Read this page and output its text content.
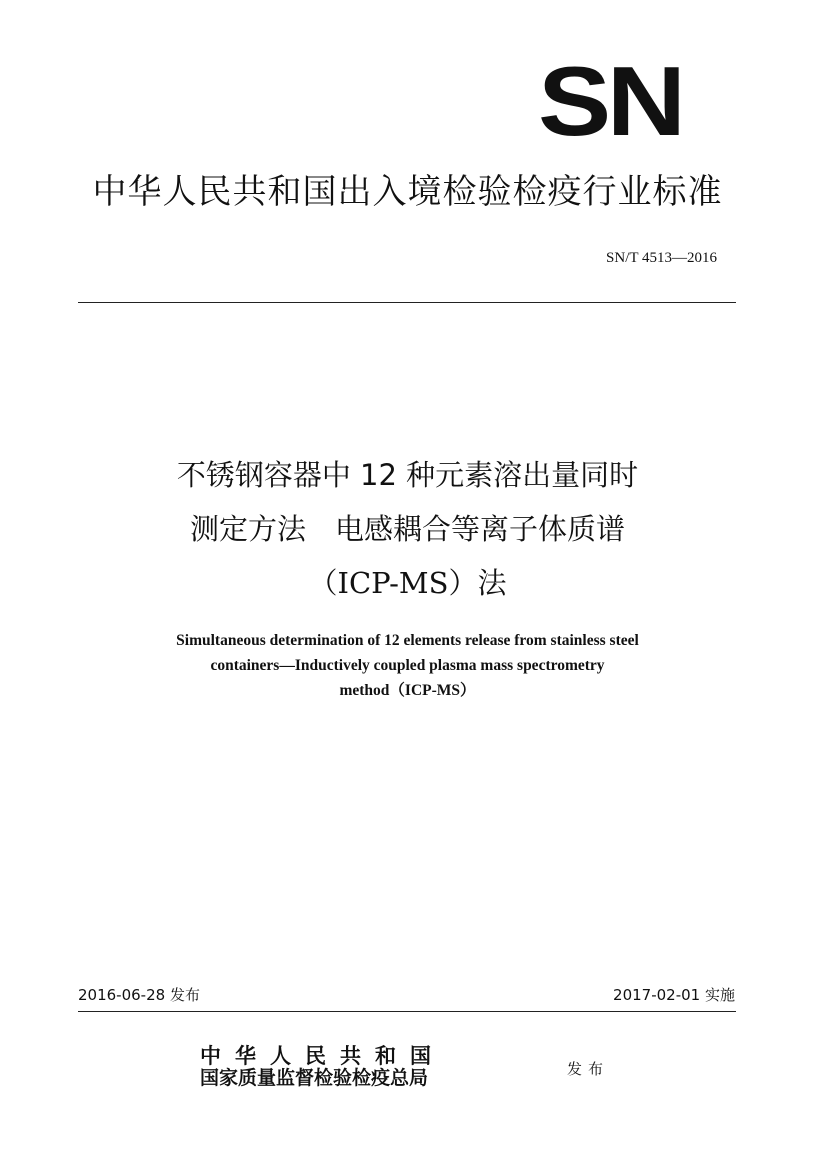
SN
中华人民共和国出入境检验检疫行业标准
SN/T 4513—2016
不锈钢容器中 12 种元素溶出量同时
测定方法　电感耦合等离子体质谱
（ICP-MS）法
Simultaneous determination of 12 elements release from stainless steel
containers—Inductively coupled plasma mass spectrometry
method（ICP-MS）
2016-06-28 发布	2017-02-01 实施
中华人民共和国
国家质量监督检验检疫总局	发布
